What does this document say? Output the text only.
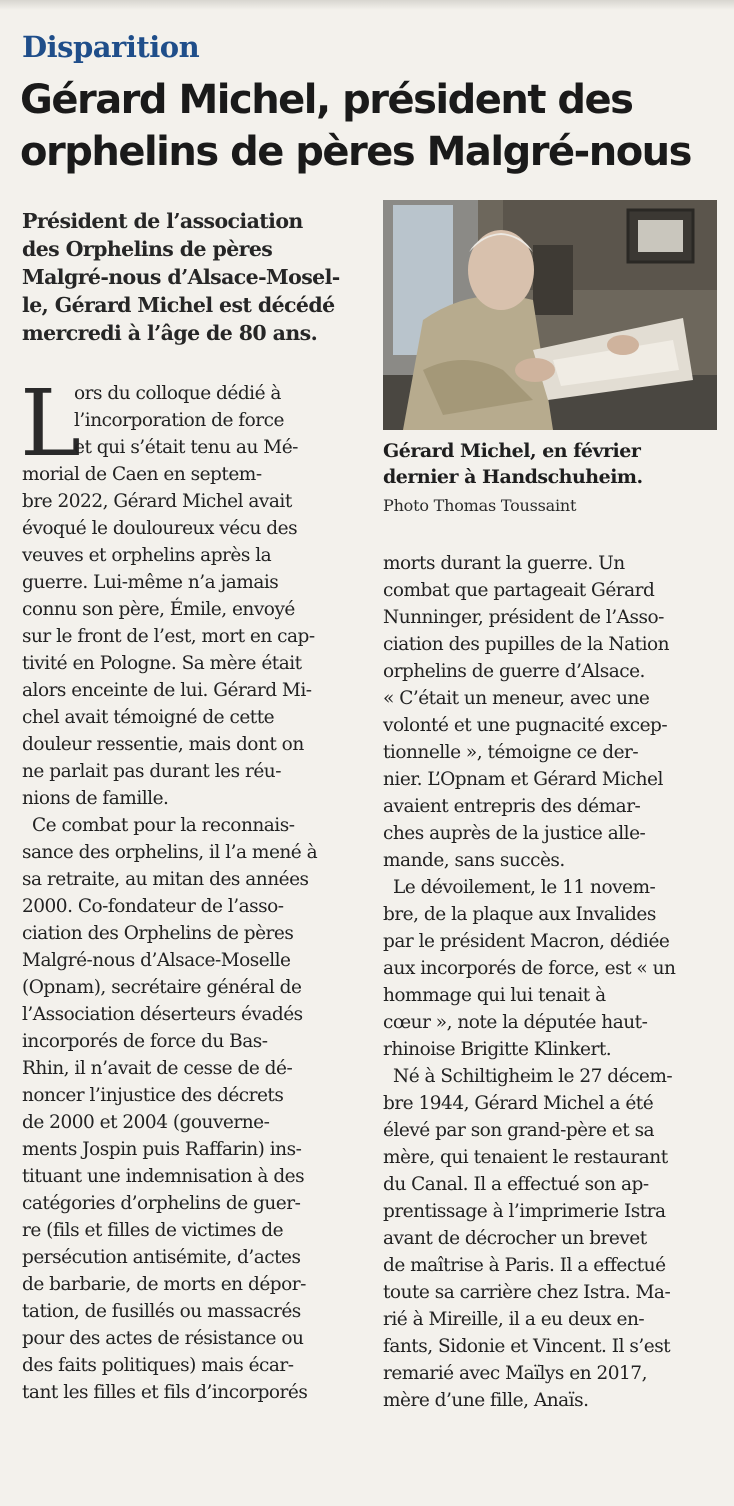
Disparition
Gérard Michel, président des
orphelins de pères Malgré-nous
Président de l’association
des Orphelins de pères
Malgré-nous d’Alsace-Mosel-
le, Gérard Michel est décédé
mercredi à l’âge de 80 ans.
Gérard Michel, en février
dernier à Handschuheim.
Photo Thomas Toussaint
L
ors du colloque dédié à
l’incorporation de force
et qui s’était tenu au Mé-
morial de Caen en septem-
bre 2022, Gérard Michel avait
évoqué le douloureux vécu des
veuves et orphelins après la
guerre. Lui-même n’a jamais
connu son père, Émile, envoyé
sur le front de l’est, mort en cap-
tivité en Pologne. Sa mère était
alors enceinte de lui. Gérard Mi-
chel avait témoigné de cette
douleur ressentie, mais dont on
ne parlait pas durant les réu-
nions de famille.
Ce combat pour la reconnais-
sance des orphelins, il l’a mené à
sa retraite, au mitan des années
2000. Co-fondateur de l’asso-
ciation des Orphelins de pères
Malgré-nous d’Alsace-Moselle
(Opnam), secrétaire général de
l’Association déserteurs évadés
incorporés de force du Bas-
Rhin, il n’avait de cesse de dé-
noncer l’injustice des décrets
de 2000 et 2004 (gouverne-
ments Jospin puis Raffarin) ins-
tituant une indemnisation à des
catégories d’orphelins de guer-
re (fils et filles de victimes de
persécution antisémite, d’actes
de barbarie, de morts en dépor-
tation, de fusillés ou massacrés
pour des actes de résistance ou
des faits politiques) mais écar-
tant les filles et fils d’incorporés
morts durant la guerre. Un
combat que partageait Gérard
Nunninger, président de l’Asso-
ciation des pupilles de la Nation
orphelins de guerre d’Alsace.
« C’était un meneur, avec une
volonté et une pugnacité excep-
tionnelle », témoigne ce der-
nier. L’Opnam et Gérard Michel
avaient entrepris des démar-
ches auprès de la justice alle-
mande, sans succès.
Le dévoilement, le 11 novem-
bre, de la plaque aux Invalides
par le président Macron, dédiée
aux incorporés de force, est « un
hommage qui lui tenait à
cœur », note la députée haut-
rhinoise Brigitte Klinkert.
Né à Schiltigheim le 27 décem-
bre 1944, Gérard Michel a été
élevé par son grand-père et sa
mère, qui tenaient le restaurant
du Canal. Il a effectué son ap-
prentissage à l’imprimerie Istra
avant de décrocher un brevet
de maîtrise à Paris. Il a effectué
toute sa carrière chez Istra. Ma-
rié à Mireille, il a eu deux en-
fants, Sidonie et Vincent. Il s’est
remarié avec Maïlys en 2017,
mère d’une fille, Anaïs.
